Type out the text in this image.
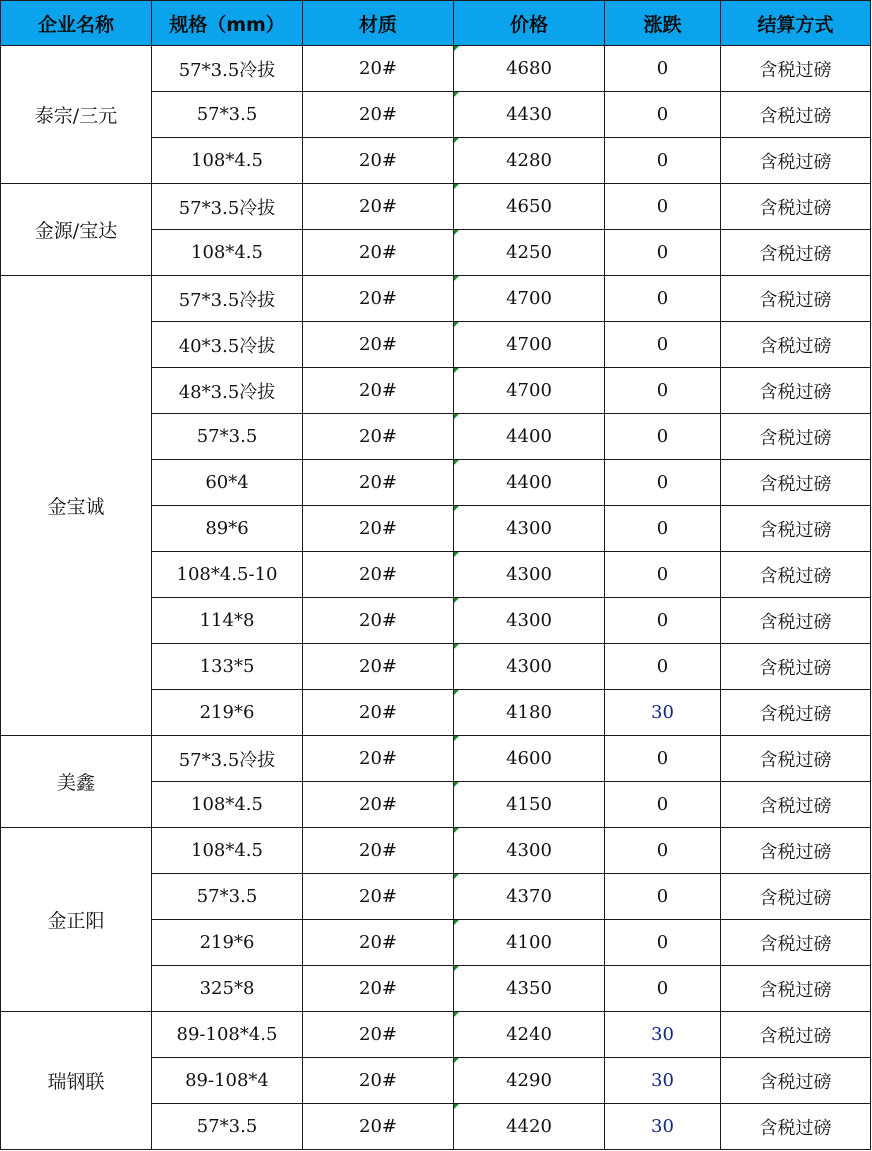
企业名称	规格（mm）	材质	价格	涨跌	结算方式
泰宗/三元	57*3.5冷拔	20#	4680	0	含税过磅
	57*3.5	20#	4430	0	含税过磅
	108*4.5	20#	4280	0	含税过磅
金源/宝达	57*3.5冷拔	20#	4650	0	含税过磅
	108*4.5	20#	4250	0	含税过磅
金宝诚	57*3.5冷拔	20#	4700	0	含税过磅
	40*3.5冷拔	20#	4700	0	含税过磅
	48*3.5冷拔	20#	4700	0	含税过磅
	57*3.5	20#	4400	0	含税过磅
	60*4	20#	4400	0	含税过磅
	89*6	20#	4300	0	含税过磅
	108*4.5-10	20#	4300	0	含税过磅
	114*8	20#	4300	0	含税过磅
	133*5	20#	4300	0	含税过磅
	219*6	20#	4180	30	含税过磅
美鑫	57*3.5冷拔	20#	4600	0	含税过磅
	108*4.5	20#	4150	0	含税过磅
金正阳	108*4.5	20#	4300	0	含税过磅
	57*3.5	20#	4370	0	含税过磅
	219*6	20#	4100	0	含税过磅
	325*8	20#	4350	0	含税过磅
瑞钢联	89-108*4.5	20#	4240	30	含税过磅
	89-108*4	20#	4290	30	含税过磅
	57*3.5	20#	4420	30	含税过磅
